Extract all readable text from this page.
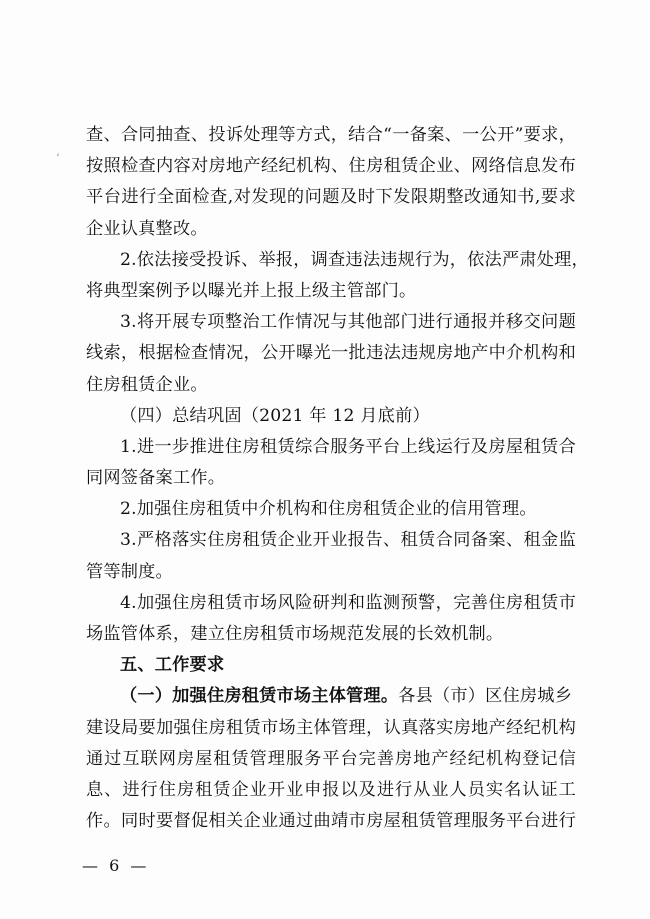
،
查、合同抽查、投诉处理等方式，结合“一备案、一公开”要求，
按照检查内容对房地产经纪机构、住房租赁企业、网络信息发布
平台进行全面检查,对发现的问题及时下发限期整改通知书,要求
企业认真整改。
2.依法接受投诉、举报，调查违法违规行为，依法严肃处理，
将典型案例予以曝光并上报上级主管部门。
3.将开展专项整治工作情况与其他部门进行通报并移交问题
线索，根据检查情况，公开曝光一批违法违规房地产中介机构和
住房租赁企业。
（四）总结巩固（2021 年 12 月底前）
1.进一步推进住房租赁综合服务平台上线运行及房屋租赁合
同网签备案工作。
2.加强住房租赁中介机构和住房租赁企业的信用管理。
3.严格落实住房租赁企业开业报告、租赁合同备案、租金监
管等制度。
4.加强住房租赁市场风险研判和监测预警，完善住房租赁市
场监管体系，建立住房租赁市场规范发展的长效机制。
五、工作要求
（一）加强住房租赁市场主体管理。各县（市）区住房城乡
建设局要加强住房租赁市场主体管理，认真落实房地产经纪机构
通过互联网房屋租赁管理服务平台完善房地产经纪机构登记信
息、进行住房租赁企业开业申报以及进行从业人员实名认证工
作。同时要督促相关企业通过曲靖市房屋租赁管理服务平台进行
— 6 —
